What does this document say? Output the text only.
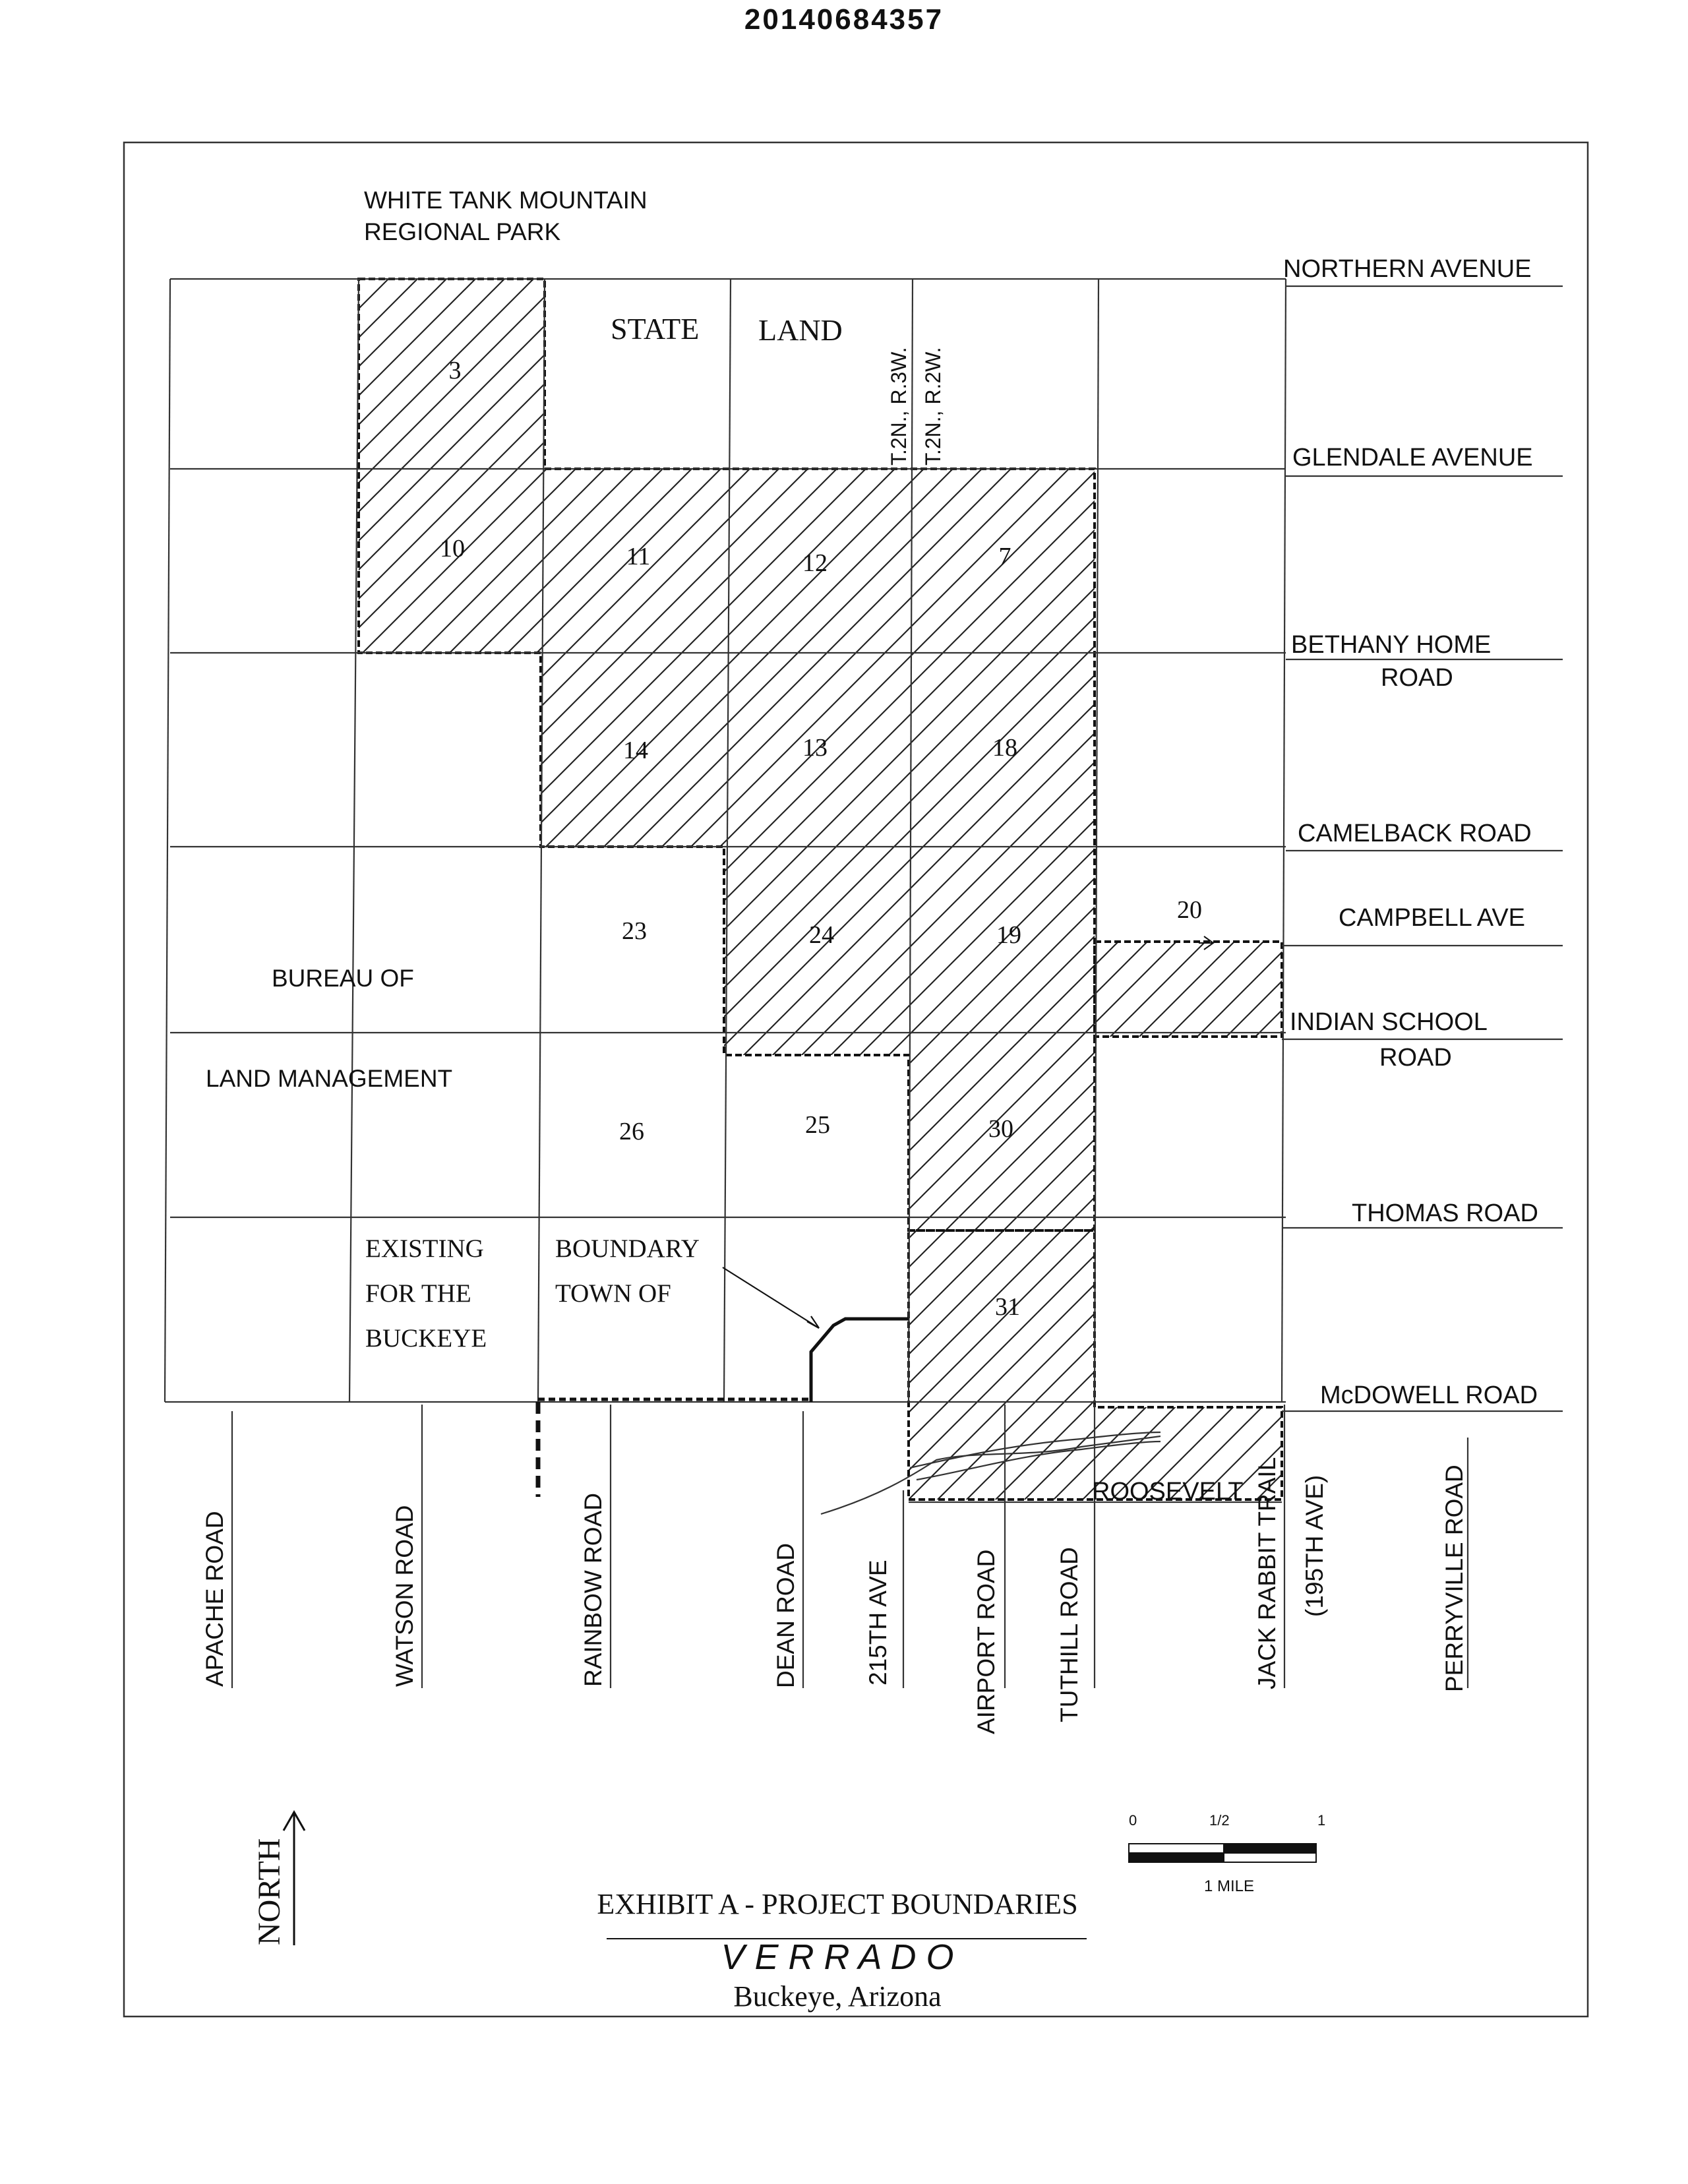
20140684357
WHITE TANK MOUNTAIN
REGIONAL PARK
STATE LAND
T.2N., R.3W. T.2N., R.2W.
BUREAU OF
LAND MANAGEMENT
EXISTING
FOR THE
BUCKEYE
BOUNDARY
TOWN OF
3
10	11	12	7
14	13	18
23	24	19
20
26	25	30
31
NORTHERN AVENUE
GLENDALE AVENUE
BETHANY HOME
ROAD
CAMELBACK ROAD
CAMPBELL AVE
INDIAN SCHOOL
ROAD
THOMAS ROAD
McDOWELL ROAD
ROOSEVELT
APACHE ROAD	WATSON ROAD	RAINBOW ROAD	DEAN ROAD	215TH AVE	AIRPORT ROAD TUTHILL ROAD	JACK RABBIT TRAIL (195TH AVE)	PERRYVILLE ROAD
NORTH
0	1/2	1
1 MILE
EXHIBIT A - PROJECT BOUNDARIES
V E R R A D O
Buckeye, Arizona
